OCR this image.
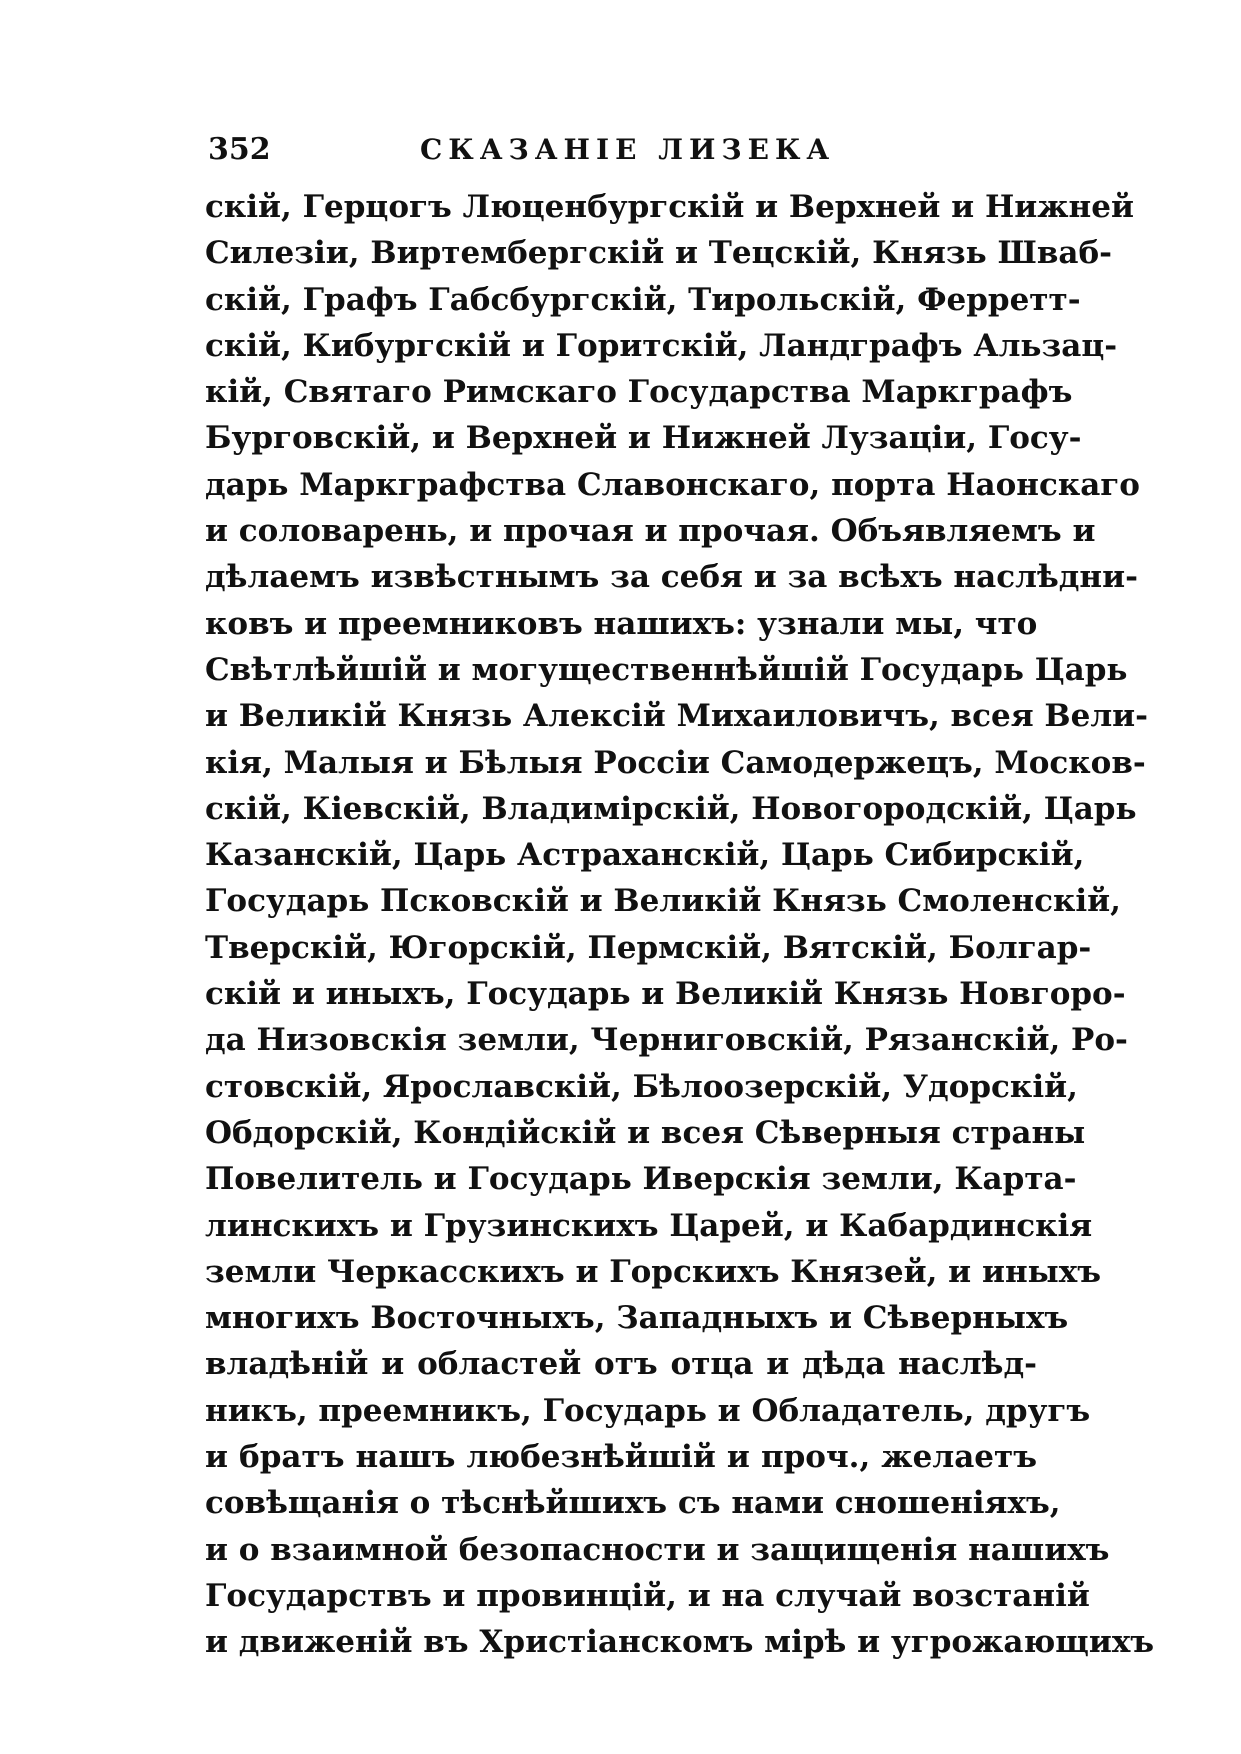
352	СКАЗАНІЕ ЛИЗЕКА
скій, Герцогъ Люценбургскій и Верхней и Нижней
Силезіи, Виртембергскій и Тецскій, Князь Шваб-
скій, Графъ Габсбургскій, Тирольскій, Ферретт-
скій, Кибургскій и Горитскій, Ландграфъ Альзац-
кій, Святаго Римскаго Государства Маркграфъ
Бурговскій, и Верхней и Нижней Лузаціи, Госу-
дарь Маркграфства Славонскаго, порта Наонскаго
и соловарень, и прочая и прочая. Объявляемъ и
дѣлаемъ извѣстнымъ за себя и за всѣхъ наслѣдни-
ковъ и преемниковъ нашихъ: узнали мы, что
Свѣтлѣйшій и могущественнѣйшій Государь Царь
и Великій Князь Алексій Михаиловичъ, всея Вели-
кія, Малыя и Бѣлыя Россіи Самодержецъ, Москов-
скій, Кіевскій, Владимірскій, Новогородскій, Царь
Казанскій, Царь Астраханскій, Царь Сибирскій,
Государь Псковскій и Великій Князь Смоленскій,
Тверскій, Югорскій, Пермскій, Вятскій, Болгар-
скій и иныхъ, Государь и Великій Князь Новгоро-
да Низовскія земли, Черниговскій, Рязанскій, Ро-
стовскій, Ярославскій, Бѣлоозерскій, Удорскій,
Обдорскій, Кондійскій и всея Сѣверныя страны
Повелитель и Государь Иверскія земли, Карта-
линскихъ и Грузинскихъ Царей, и Кабардинскія
земли Черкасскихъ и Горскихъ Князей, и иныхъ
многихъ Восточныхъ, Западныхъ и Сѣверныхъ
владѣній и областей отъ отца и дѣда наслѣд-
никъ, преемникъ, Государь и Обладатель, другъ
и братъ нашъ любезнѣйшій и проч., желаетъ
совѣщанія о тѣснѣйшихъ съ нами сношеніяхъ,
и о взаимной безопасности и защищенія нашихъ
Государствъ и провинцій, и на случай возстаній
и движеній въ Христіанскомъ мірѣ и угрожающихъ
